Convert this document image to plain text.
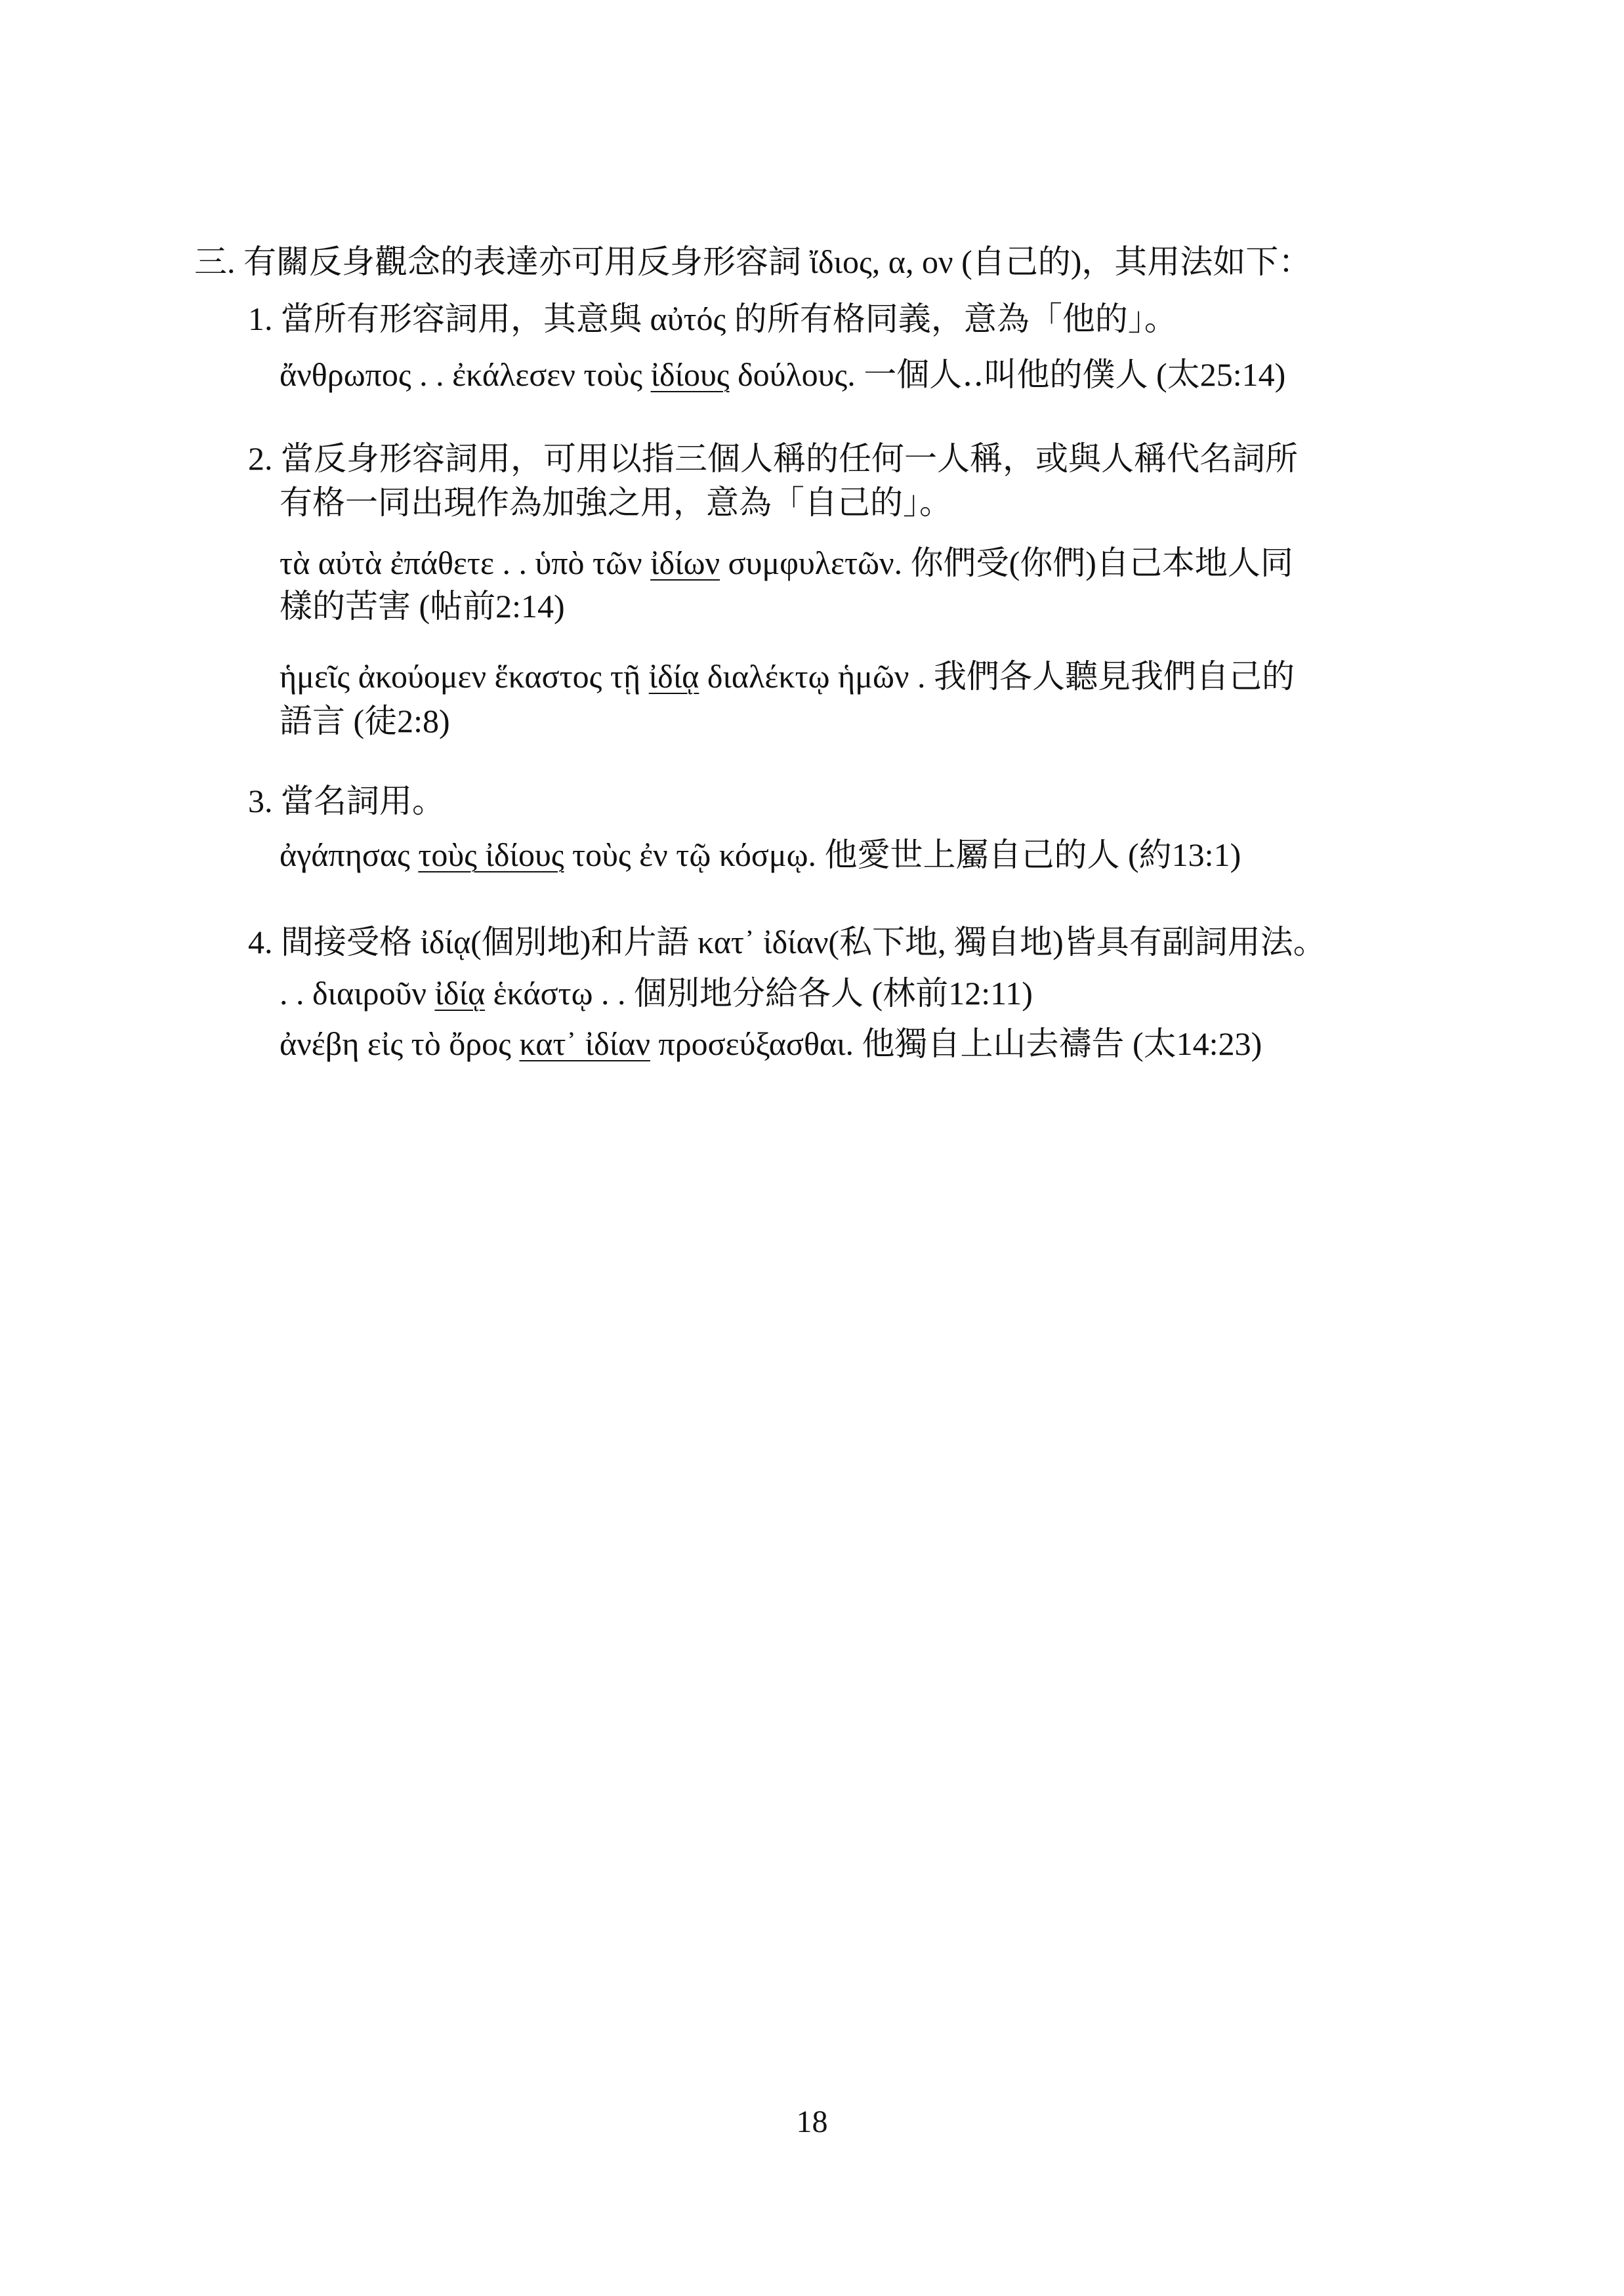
三. 有關反身觀念的表達亦可用反身形容詞 ἴδιος, α, ον (自己的)，其用法如下：
1. 當所有形容詞用，其意與 αὐτός 的所有格同義，意為「他的」。
ἄνθρωπος . . ἐκάλεσεν τοὺς ἰδίους δούλους. 一個人‥叫他的僕人 (太25:14)
2. 當反身形容詞用，可用以指三個人稱的任何一人稱，或與人稱代名詞所
有格一同出現作為加強之用，意為「自己的」。
τὰ αὐτὰ ἐπάθετε . . ὑπὸ τῶν ἰδίων συμφυλετῶν. 你們受(你們)自己本地人同
樣的苦害 (帖前2:14)
ἡμεῖς ἀκούομεν ἕκαστος τῇ ἰδίᾳ διαλέκτῳ ἡμῶν . 我們各人聽見我們自己的
語言 (徒2:8)
3. 當名詞用。
ἀγάπησας τοὺς ἰδίους τοὺς ἐν τῷ κόσμῳ. 他愛世上屬自己的人 (約13:1)
4. 間接受格 ἰδίᾳ(個別地)和片語 κατ᾽ ἰδίαν(私下地, 獨自地)皆具有副詞用法。
. . διαιροῦν ἰδίᾳ ἑκάστῳ . . 個別地分給各人 (林前12:11)
ἀνέβη εἰς τὸ ὄρος κατ᾽ ἰδίαν προσεύξασθαι. 他獨自上山去禱告 (太14:23)
18
